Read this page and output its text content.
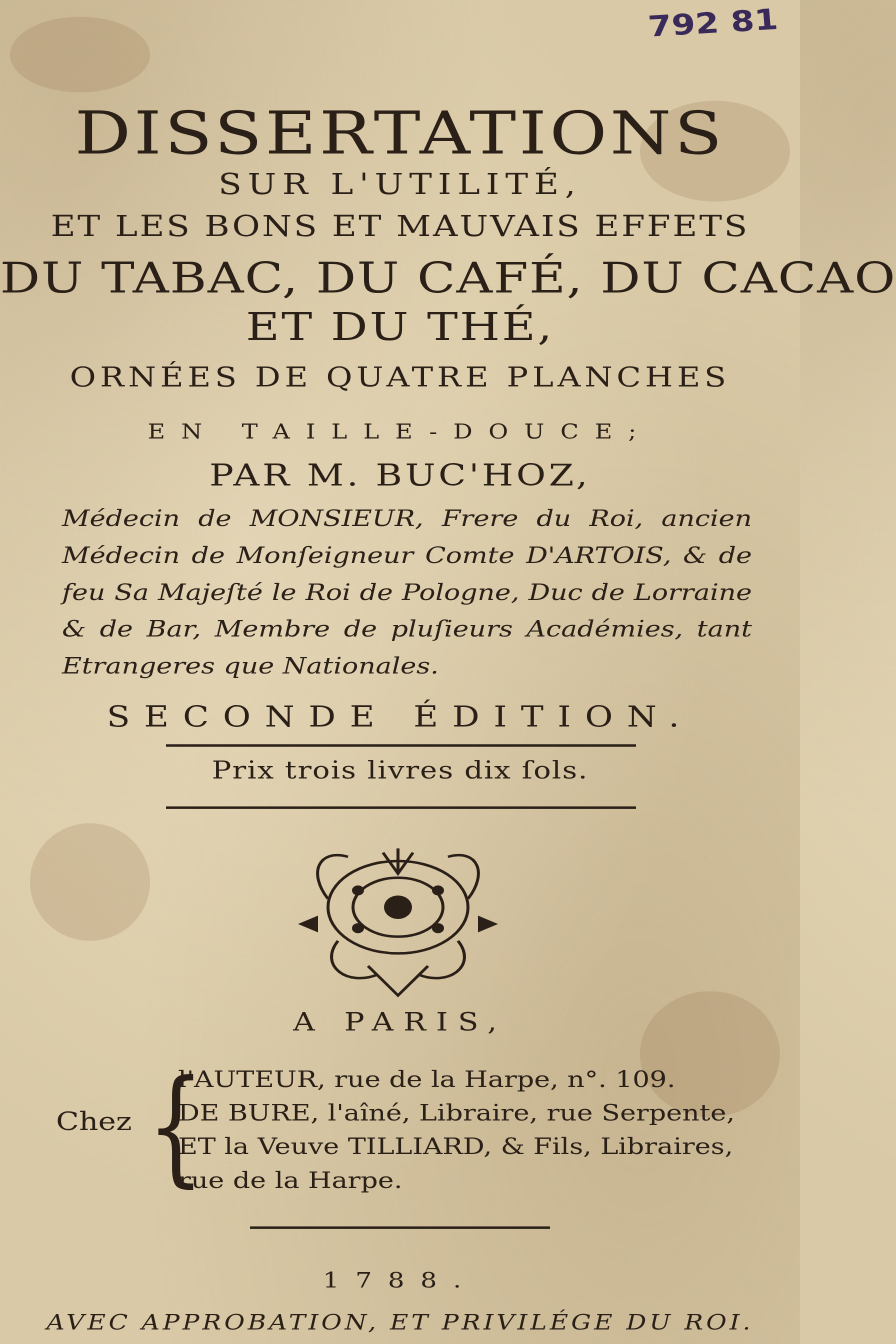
792 81
DISSERTATIONS
SUR L'UTILITÉ,
ET LES BONS ET MAUVAIS EFFETS
DU TABAC, DU CAFÉ, DU CACAO
ET DU THÉ,
ORNÉES DE QUATRE PLANCHES
EN TAILLE-DOUCE;
PAR M. BUC'HOZ,
Médecin de MONSIEUR, Frere du Roi, ancien Médecin de Monſeigneur Comte D'ARTOIS, & de feu Sa Majeſté le Roi de Pologne, Duc de Lorraine & de Bar, Membre de pluſieurs Académies, tant Etrangeres que Nationales.
SECONDE ÉDITION.
Prix trois livres dix ſols.
A PARIS,
Chez {
l'AUTEUR, rue de la Harpe, n°. 109.
DE BURE, l'aîné, Libraire, rue Serpente,
ET la Veuve TILLIARD, & Fils, Libraires,
rue de la Harpe.
1788.
AVEC APPROBATION, ET PRIVILÉGE DU ROI.
